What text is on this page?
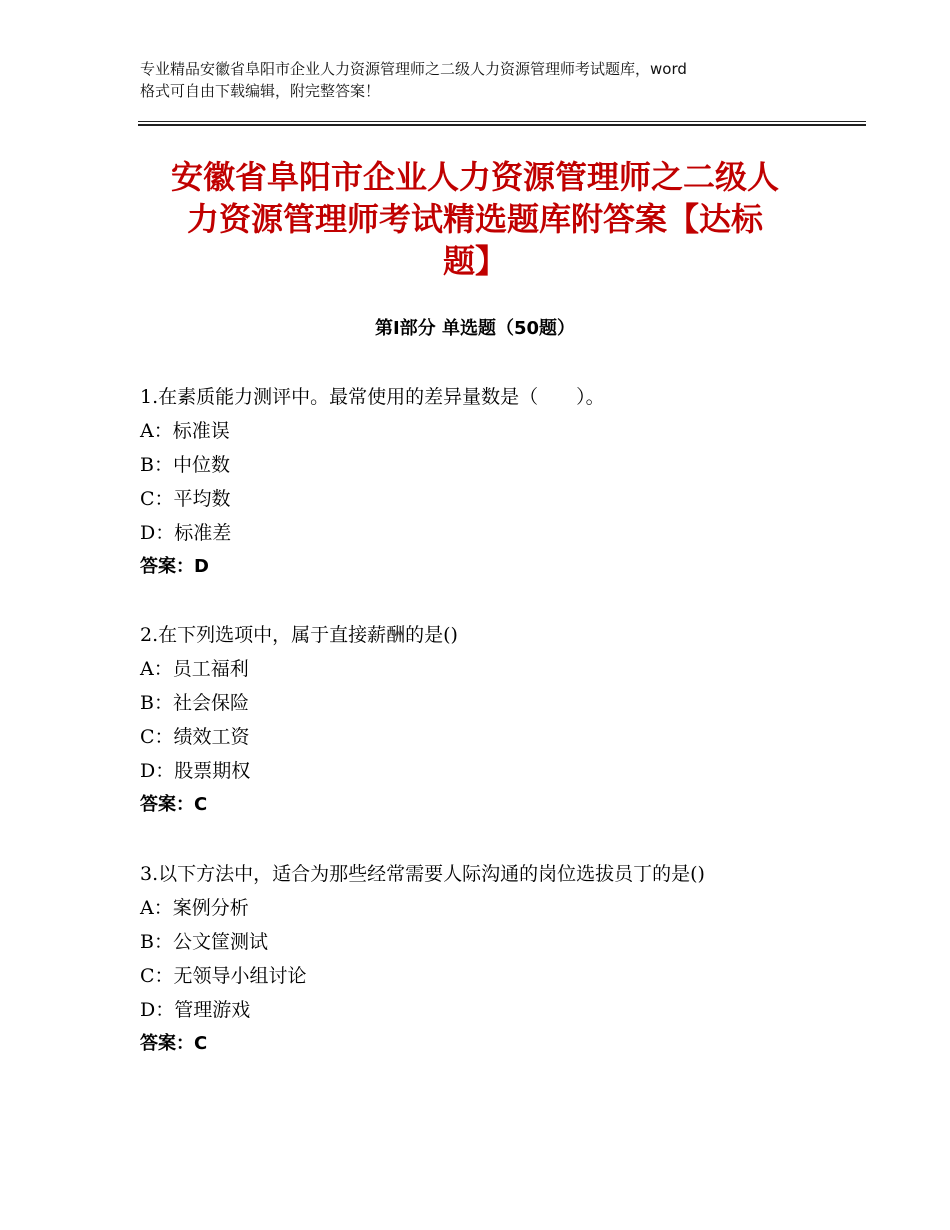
专业精品安徽省阜阳市企业人力资源管理师之二级人力资源管理师考试题库，word
格式可自由下载编辑，附完整答案！
安徽省阜阳市企业人力资源管理师之二级人
力资源管理师考试精选题库附答案【达标
题】
第Ⅰ部分 单选题（50题）
1.在素质能力测评中。最常使用的差异量数是（　　）。
A：标准误
B：中位数
C：平均数
D：标准差
答案：D
2.在下列选项中，属于直接薪酬的是()
A：员工福利
B：社会保险
C：绩效工资
D：股票期权
答案：C
3.以下方法中，适合为那些经常需要人际沟通的岗位选拔员丁的是()
A：案例分析
B：公文筐测试
C：无领导小组讨论
D：管理游戏
答案：C
